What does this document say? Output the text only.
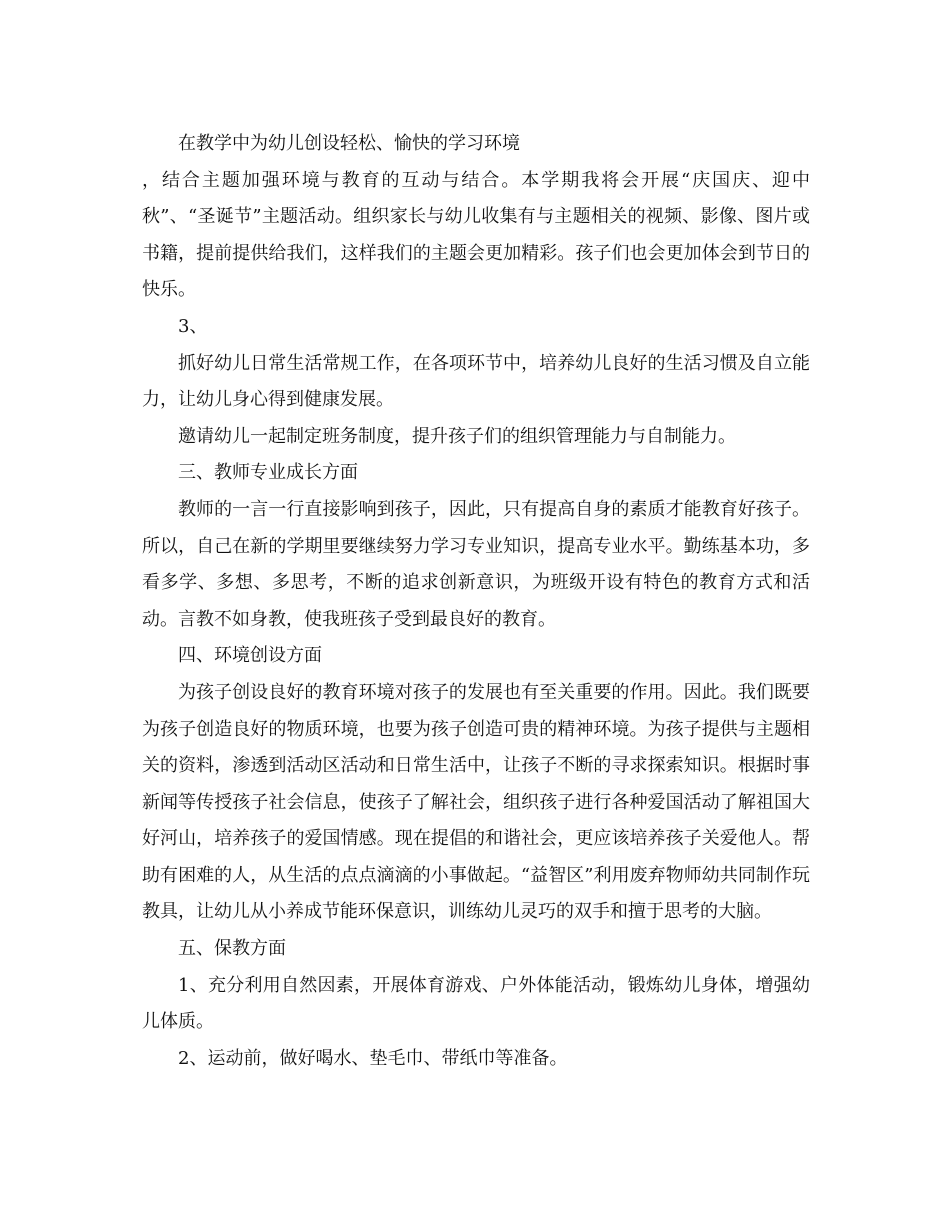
在教学中为幼儿创设轻松、愉快的学习环境

，结合主题加强环境与教育的互动与结合。本学期我将会开展“庆国庆、迎中秋”、“圣诞节”主题活动。组织家长与幼儿收集有与主题相关的视频、影像、图片或书籍，提前提供给我们，这样我们的主题会更加精彩。孩子们也会更加体会到节日的快乐。

3、

抓好幼儿日常生活常规工作，在各项环节中，培养幼儿良好的生活习惯及自立能力，让幼儿身心得到健康发展。

邀请幼儿一起制定班务制度，提升孩子们的组织管理能力与自制能力。

三、教师专业成长方面

教师的一言一行直接影响到孩子，因此，只有提高自身的素质才能教育好孩子。所以，自己在新的学期里要继续努力学习专业知识，提高专业水平。勤练基本功，多看多学、多想、多思考，不断的追求创新意识，为班级开设有特色的教育方式和活动。言教不如身教，使我班孩子受到最良好的教育。

四、环境创设方面

为孩子创设良好的教育环境对孩子的发展也有至关重要的作用。因此。我们既要为孩子创造良好的物质环境，也要为孩子创造可贵的精神环境。为孩子提供与主题相关的资料，渗透到活动区活动和日常生活中，让孩子不断的寻求探索知识。根据时事新闻等传授孩子社会信息，使孩子了解社会，组织孩子进行各种爱国活动了解祖国大好河山，培养孩子的爱国情感。现在提倡的和谐社会，更应该培养孩子关爱他人。帮助有困难的人，从生活的点点滴滴的小事做起。“益智区”利用废弃物师幼共同制作玩教具，让幼儿从小养成节能环保意识，训练幼儿灵巧的双手和擅于思考的大脑。

五、保教方面

1、充分利用自然因素，开展体育游戏、户外体能活动，锻炼幼儿身体，增强幼儿体质。

2、运动前，做好喝水、垫毛巾、带纸巾等准备。
